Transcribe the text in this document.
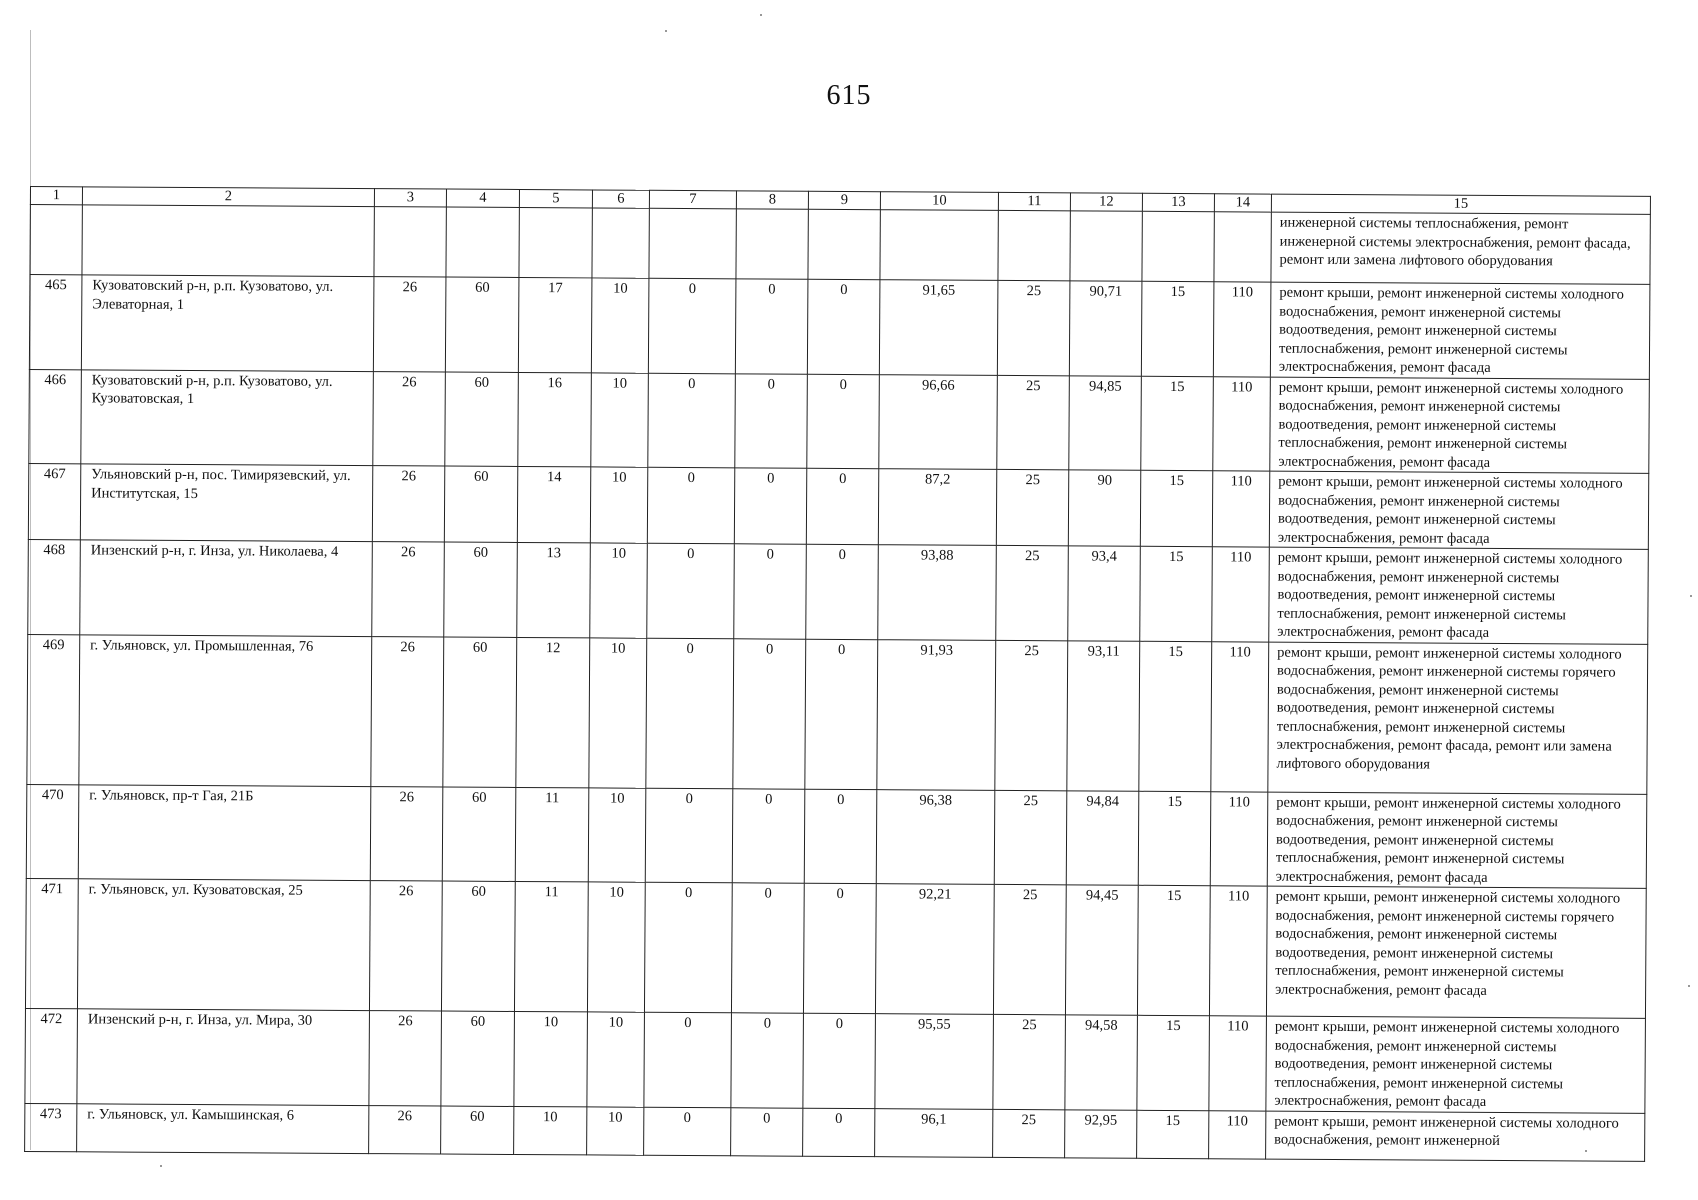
615
1	2	3	4	5	6	7	8	9	10	11	12	13	14	15
														инженерной системы теплоснабжения, ремонт инженерной системы электроснабжения, ремонт фасада, ремонт или замена лифтового оборудования
465	Кузоватовский р-н, р.п. Кузоватово, ул. Элеваторная, 1	26	60	17	10	0	0	0	91,65	25	90,71	15	110	ремонт крыши, ремонт инженерной системы холодного водоснабжения, ремонт инженерной системы водоотведения, ремонт инженерной системы теплоснабжения, ремонт инженерной системы электроснабжения, ремонт фасада
466	Кузоватовский р-н, р.п. Кузоватово, ул. Кузоватовская, 1	26	60	16	10	0	0	0	96,66	25	94,85	15	110	ремонт крыши, ремонт инженерной системы холодного водоснабжения, ремонт инженерной системы водоотведения, ремонт инженерной системы теплоснабжения, ремонт инженерной системы электроснабжения, ремонт фасада
467	Ульяновский р-н, пос. Тимирязевский, ул. Институтская, 15	26	60	14	10	0	0	0	87,2	25	90	15	110	ремонт крыши, ремонт инженерной системы холодного водоснабжения, ремонт инженерной системы водоотведения, ремонт инженерной системы электроснабжения, ремонт фасада
468	Инзенский р-н, г. Инза, ул. Николаева, 4	26	60	13	10	0	0	0	93,88	25	93,4	15	110	ремонт крыши, ремонт инженерной системы холодного водоснабжения, ремонт инженерной системы водоотведения, ремонт инженерной системы теплоснабжения, ремонт инженерной системы электроснабжения, ремонт фасада
469	г. Ульяновск, ул. Промышленная, 76	26	60	12	10	0	0	0	91,93	25	93,11	15	110	ремонт крыши, ремонт инженерной системы холодного водоснабжения, ремонт инженерной системы горячего водоснабжения, ремонт инженерной системы водоотведения, ремонт инженерной системы теплоснабжения, ремонт инженерной системы электроснабжения, ремонт фасада, ремонт или замена лифтового оборудования
470	г. Ульяновск, пр-т Гая, 21Б	26	60	11	10	0	0	0	96,38	25	94,84	15	110	ремонт крыши, ремонт инженерной системы холодного водоснабжения, ремонт инженерной системы водоотведения, ремонт инженерной системы теплоснабжения, ремонт инженерной системы электроснабжения, ремонт фасада
471	г. Ульяновск, ул. Кузоватовская, 25	26	60	11	10	0	0	0	92,21	25	94,45	15	110	ремонт крыши, ремонт инженерной системы холодного водоснабжения, ремонт инженерной системы горячего водоснабжения, ремонт инженерной системы водоотведения, ремонт инженерной системы теплоснабжения, ремонт инженерной системы электроснабжения, ремонт фасада
472	Инзенский р-н, г. Инза, ул. Мира, 30	26	60	10	10	0	0	0	95,55	25	94,58	15	110	ремонт крыши, ремонт инженерной системы холодного водоснабжения, ремонт инженерной системы водоотведения, ремонт инженерной системы теплоснабжения, ремонт инженерной системы электроснабжения, ремонт фасада
473	г. Ульяновск, ул. Камышинская, 6	26	60	10	10	0	0	0	96,1	25	92,95	15	110	ремонт крыши, ремонт инженерной системы холодного водоснабжения, ремонт инженерной
